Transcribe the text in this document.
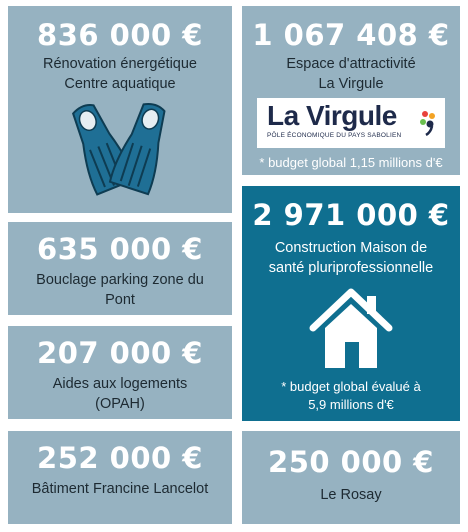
836 000 €
Rénovation énergétique
Centre aquatique
1 067 408 €
Espace d'attractivité
La Virgule
La Virgule
PÔLE ÉCONOMIQUE DU PAYS SABOLIEN
* budget global 1,15 millions d'€
635 000 €
Bouclage parking zone du
Pont
2 971 000 €
Construction Maison de
santé pluriprofessionnelle
* budget global évalué à
5,9 millions d'€
207 000 €
Aides aux logements
(OPAH)
252 000 €
Bâtiment Francine Lancelot
250 000 €
Le Rosay
